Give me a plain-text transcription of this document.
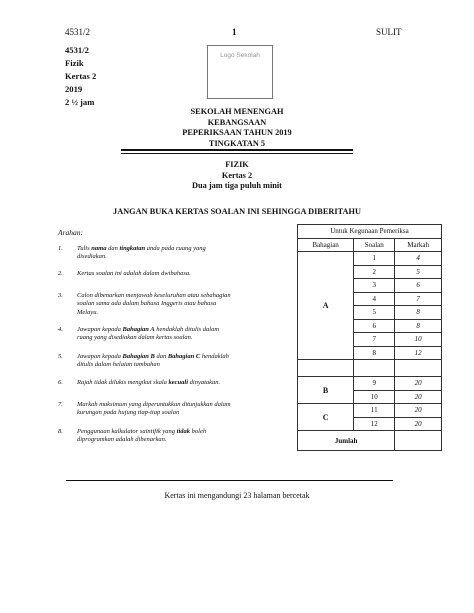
4531/2	1	SULIT
4531/2
Fizik
Kertas 2
2019
2 ½ jam
Logo Sekolah
SEKOLAH MENENGAH
KEBANGSAAN
PEPERIKSAAN TAHUN 2019
TINGKATAN 5
FIZIK
Kertas 2
Dua jam tiga puluh minit
JANGAN BUKA KERTAS SOALAN INI SEHINGGA DIBERITAHU
Arahan:
1. Tulis nama dan tingkatan anda pada ruang yang
disediakan.
2. Kertas soalan ini adalah dalam dwibahasa.
3. Calon dibenarkan menjawab keseluruhan atau sebahagian
soalan sama ada dalam bahasa Inggeris atau bahasa
Melayu.
4. Jawapan kepada Bahagian A hendaklah ditulis dalam
ruang yang disediakan dalam kertas soalan.
5. Jawapan kepada Bahagian B dan Bahagian C hendaklah
ditulis dalam helaian tambahan
6. Rajah tidak dilukis mengikut skala kecuali dinyatakan.
7. Markah maksimum yang diperuntukkan ditunjukkan dalam
kurungan pada hujung tiap-tiap soalan
8. Penggunaan kalkulator saintifik yang tidak boleh
diprogramkan adalah dibenarkan.
Untuk Kegunaan Pemeriksa		
Bahagian	Soalan	Markah
A	1	4
	2	5
	3	6
	4	7
	5	8
	6	8
	7	10
	8	12

B	9	20
	10	20
C	11	20
	12	20
Jumlah		
Kertas ini mengandungi 23 halaman bercetak
